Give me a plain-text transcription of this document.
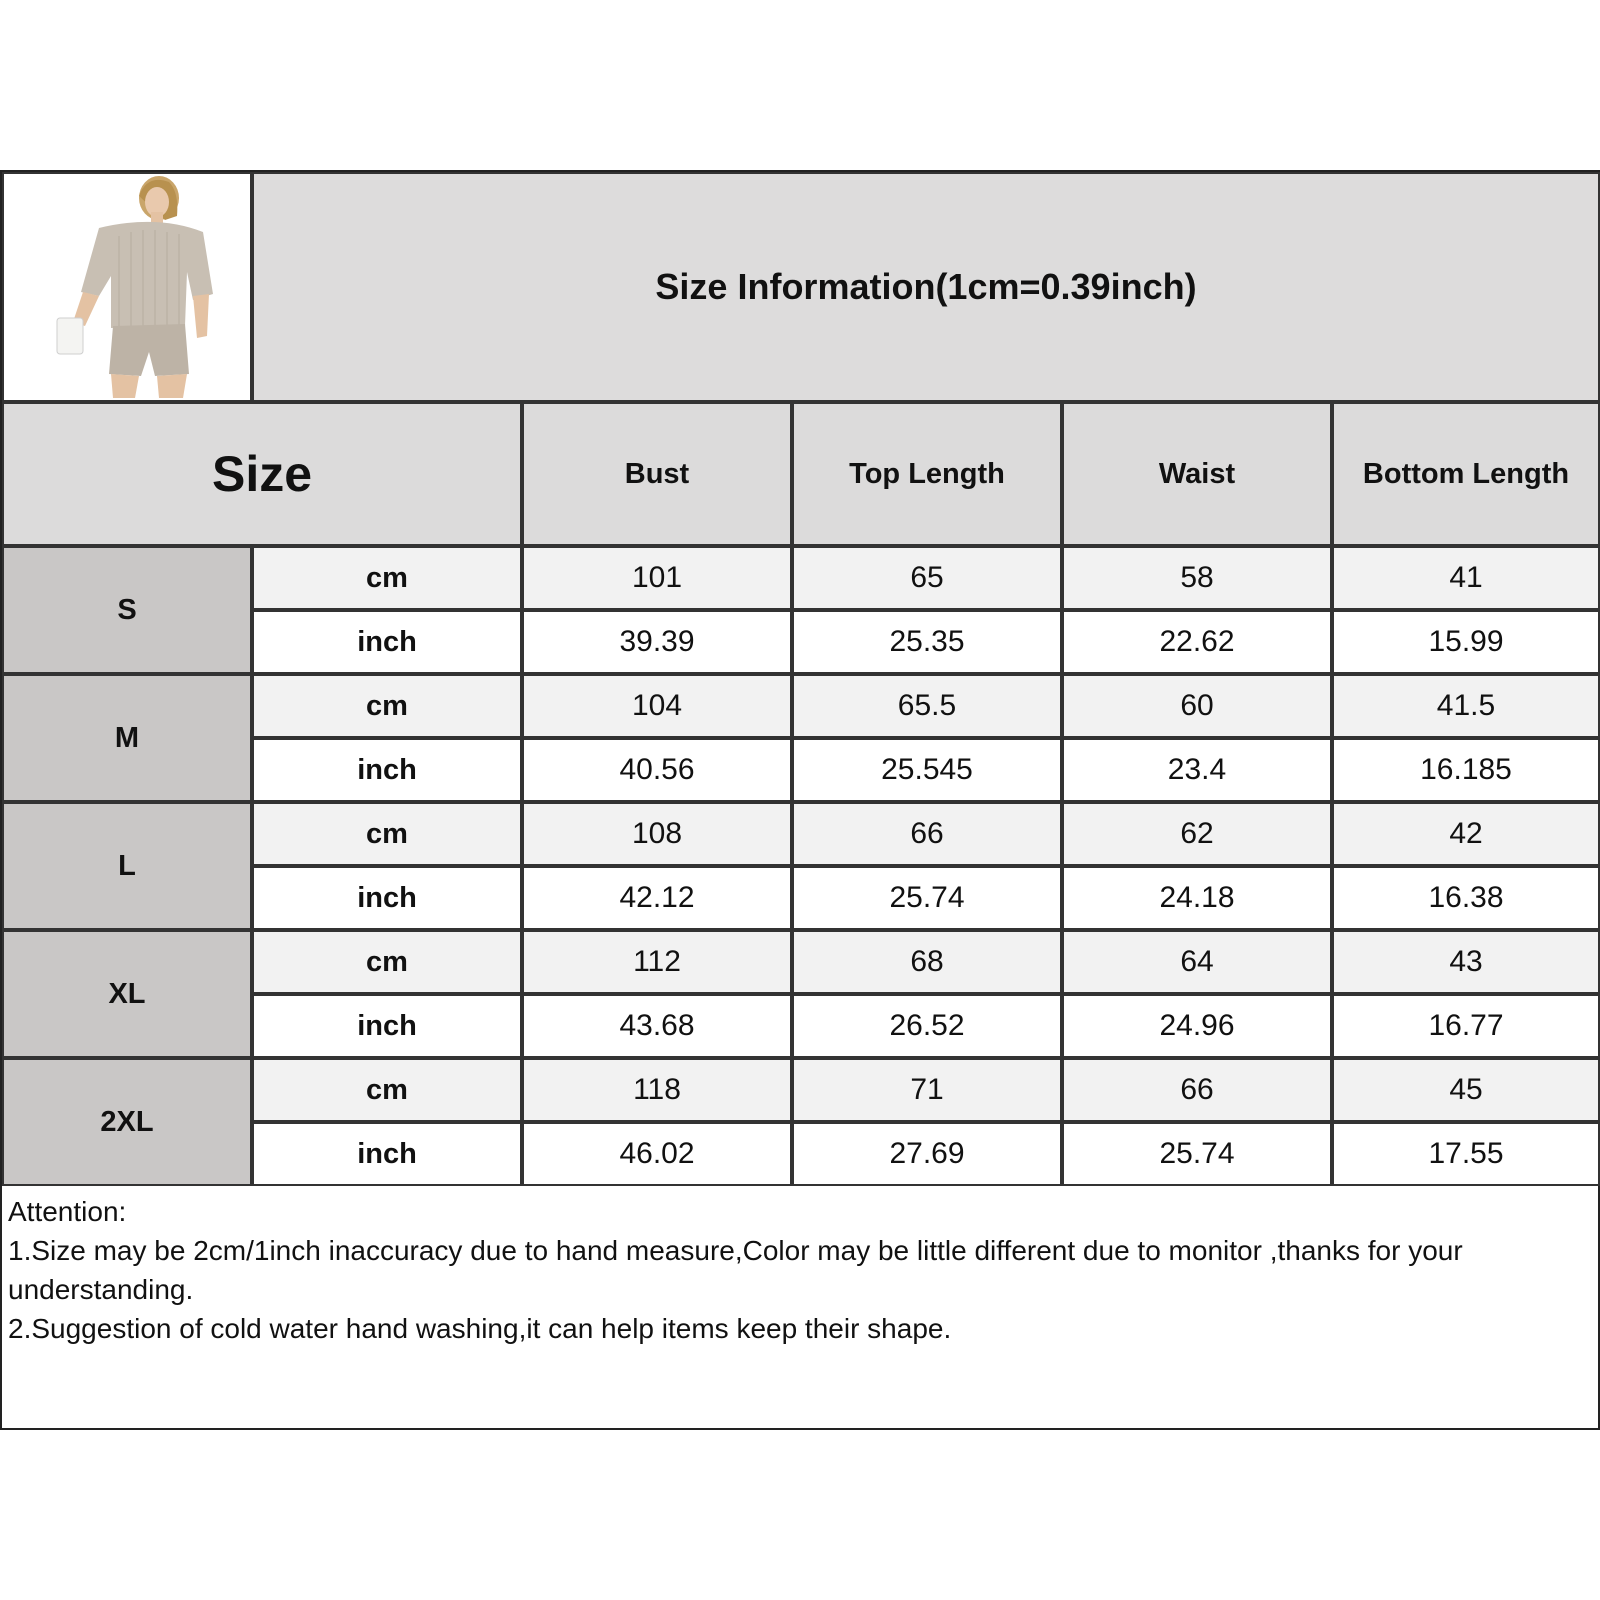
Size Information(1cm=0.39inch)
Size	Bust	Top Length	Waist	Bottom Length
S
cm	101	65	58	41
inch	39.39	25.35	22.62	15.99
M
cm	104	65.5	60	41.5
inch	40.56	25.545	23.4	16.185
L
cm	108	66	62	42
inch	42.12	25.74	24.18	16.38
XL
cm	112	68	64	43
inch	43.68	26.52	24.96	16.77
2XL
cm	118	71	66	45
inch	46.02	27.69	25.74	17.55
Attention:
1.Size may be 2cm/1inch inaccuracy due to hand measure,Color may be little different due to monitor ,thanks for your understanding.
2.Suggestion of cold water hand washing,it can help items keep their shape.
